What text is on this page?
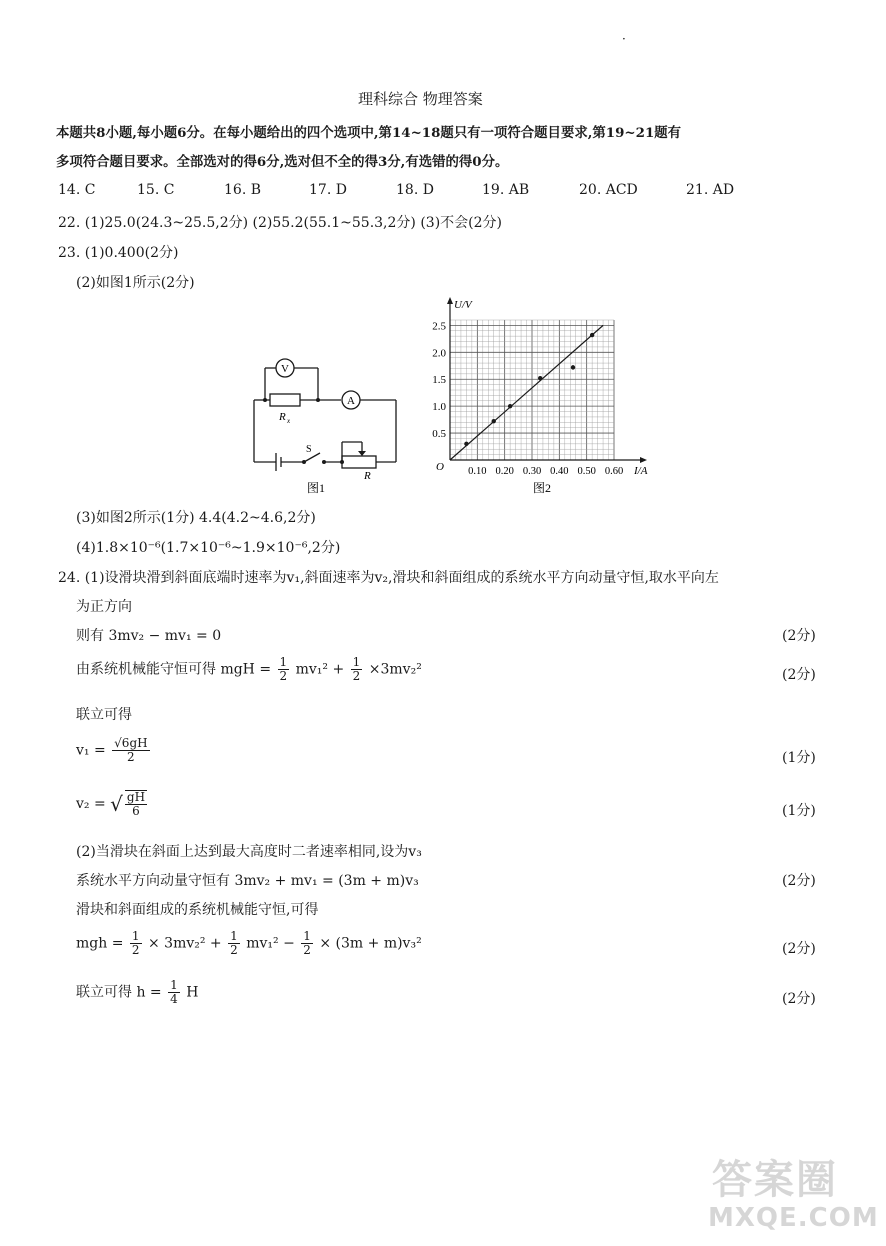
·
理科综合 物理答案
本题共8小题,每小题6分。在每小题给出的四个选项中,第14~18题只有一项符合题目要求,第19~21题有
多项符合题目要求。全部选对的得6分,选对但不全的得3分,有选错的得0分。
14. C	15. C	16. B	17. D	18. D	19. AB	20. ACD	21. AD
22. (1)25.0(24.3~25.5,2分) (2)55.2(55.1~55.3,2分) (3)不会(2分)
23. (1)0.400(2分)
(2)如图1所示(2分)
V
A
R x
S
R
图1
0.5
1.0
1.5
2.0
2.5
0.10 0.20 0.30 0.40 0.50 0.60
U/V
I/A
O
图2
(3)如图2所示(1分) 4.4(4.2~4.6,2分)
(4)1.8×10⁻⁶(1.7×10⁻⁶~1.9×10⁻⁶,2分)
24. (1)设滑块滑到斜面底端时速率为v₁,斜面速率为v₂,滑块和斜面组成的系统水平方向动量守恒,取水平向左
为正方向
则有 3mv₂ − mv₁ = 0	(2分)
由系统机械能守恒可得 mgH = $\frac{1}{2} mv_1^2 + \frac{1}{2} \times 3mv_2^2$	(2分)
联立可得
$v_1 = \frac{√6gH}{2}$	(1分)
v₂ = √ $\frac{gH}{6}$	(1分)
(2)当滑块在斜面上达到最大高度时二者速率相同,设为v₃
系统水平方向动量守恒有 3mv₂ + mv₁ = (3m + m)v₃	(2分)
滑块和斜面组成的系统机械能守恒,可得
mgh = $\frac{1}{2} \times 3mv_2^2 + \frac{1}{2} mv_1^2 - \frac{1}{2} \times (3m + m)v_3^2$	(2分)
联立可得 $h = \frac{1}{4}$ H	(2分)
答案圈
MXQE.COM
